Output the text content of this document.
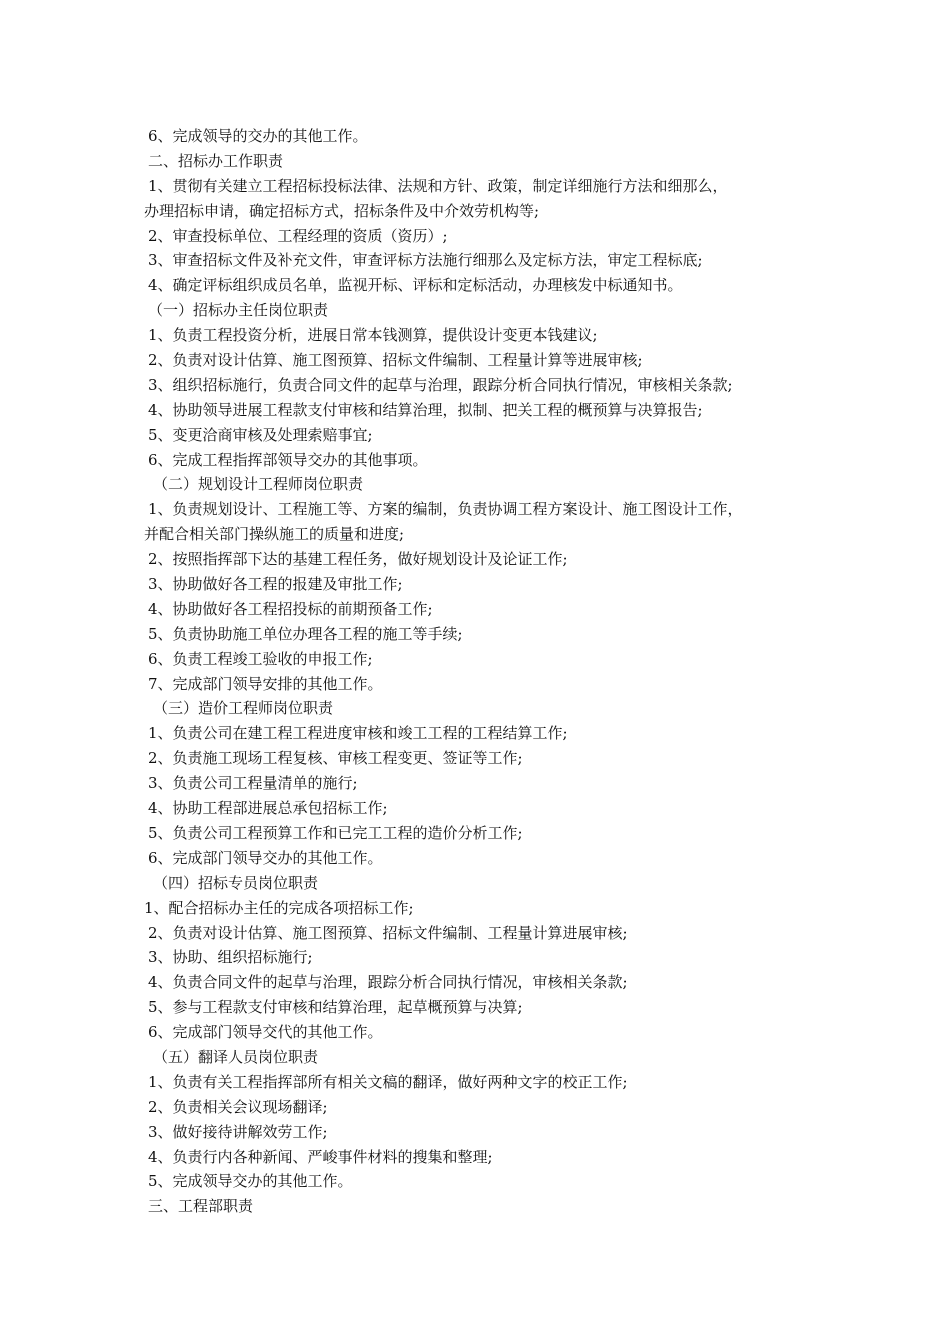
6、完成领导的交办的其他工作。
二、招标办工作职责
1、贯彻有关建立工程招标投标法律、法规和方针、政策，制定详细施行方法和细那么，
办理招标申请，确定招标方式，招标条件及中介效劳机构等;
2、审查投标单位、工程经理的资质（资历）;
3、审查招标文件及补充文件，审查评标方法施行细那么及定标方法，审定工程标底;
4、确定评标组织成员名单，监视开标、评标和定标活动，办理核发中标通知书。
（一）招标办主任岗位职责
1、负责工程投资分析，进展日常本钱测算，提供设计变更本钱建议;
2、负责对设计估算、施工图预算、招标文件编制、工程量计算等进展审核;
3、组织招标施行，负责合同文件的起草与治理，跟踪分析合同执行情况，审核相关条款;
4、协助领导进展工程款支付审核和结算治理，拟制、把关工程的概预算与决算报告;
5、变更洽商审核及处理索赔事宜;
6、完成工程指挥部领导交办的其他事项。
（二）规划设计工程师岗位职责
1、负责规划设计、工程施工等、方案的编制，负责协调工程方案设计、施工图设计工作，
并配合相关部门操纵施工的质量和进度;
2、按照指挥部下达的基建工程任务，做好规划设计及论证工作;
3、协助做好各工程的报建及审批工作;
4、协助做好各工程招投标的前期预备工作;
5、负责协助施工单位办理各工程的施工等手续;
6、负责工程竣工验收的申报工作;
7、完成部门领导安排的其他工作。
（三）造价工程师岗位职责
1、负责公司在建工程工程进度审核和竣工工程的工程结算工作;
2、负责施工现场工程复核、审核工程变更、签证等工作;
3、负责公司工程量清单的施行;
4、协助工程部进展总承包招标工作;
5、负责公司工程预算工作和已完工工程的造价分析工作;
6、完成部门领导交办的其他工作。
（四）招标专员岗位职责
1、配合招标办主任的完成各项招标工作;
2、负责对设计估算、施工图预算、招标文件编制、工程量计算进展审核;
3、协助、组织招标施行;
4、负责合同文件的起草与治理，跟踪分析合同执行情况，审核相关条款;
5、参与工程款支付审核和结算治理，起草概预算与决算;
6、完成部门领导交代的其他工作。
（五）翻译人员岗位职责
1、负责有关工程指挥部所有相关文稿的翻译，做好两种文字的校正工作;
2、负责相关会议现场翻译;
3、做好接待讲解效劳工作;
4、负责行内各种新闻、严峻事件材料的搜集和整理;
5、完成领导交办的其他工作。
三、工程部职责
